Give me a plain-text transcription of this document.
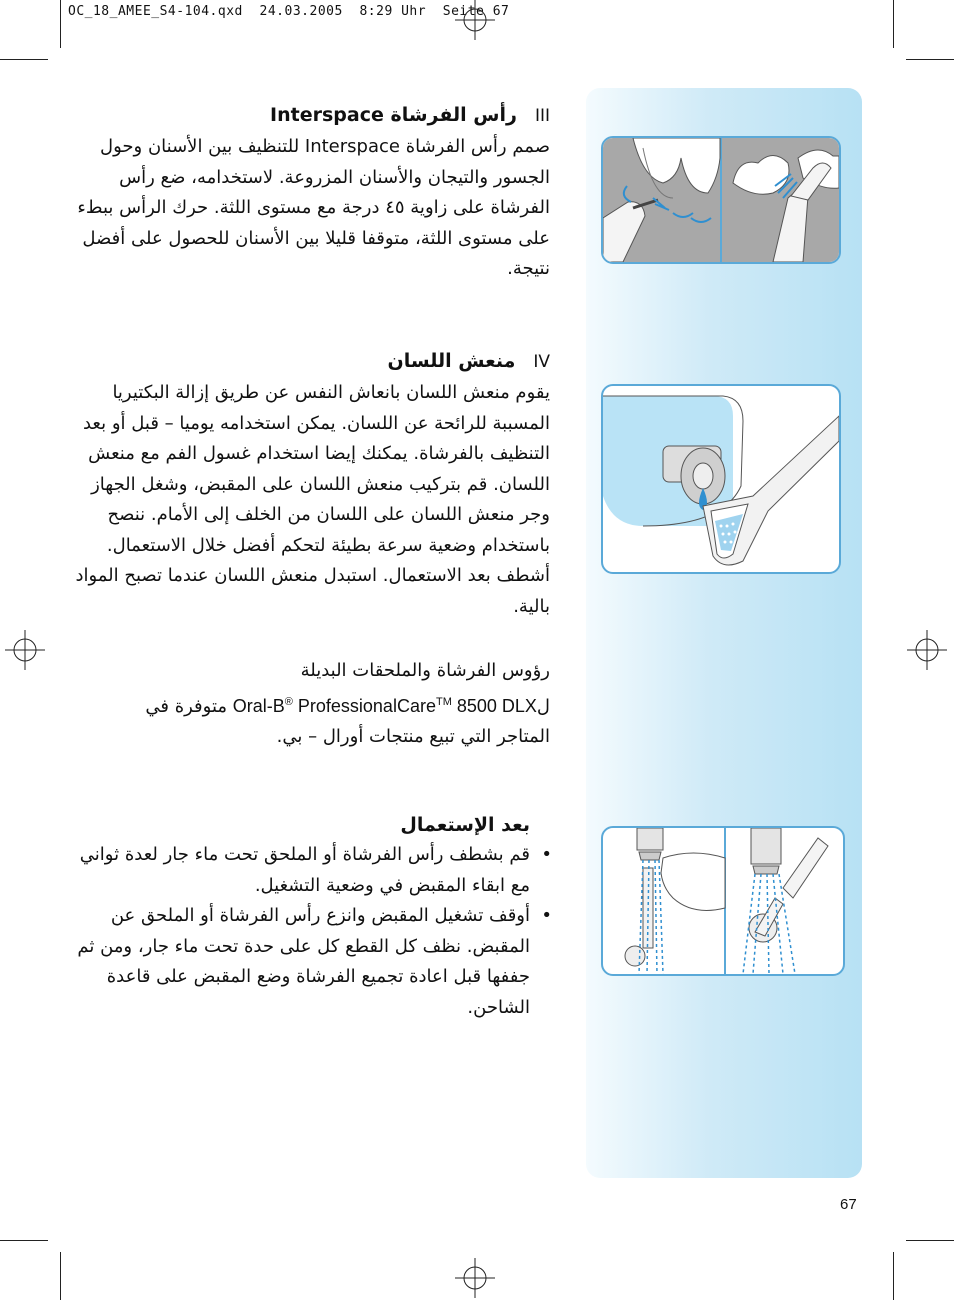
OC_18_AMEE_S4-104.qxd 24.03.2005 8:29 Uhr Seite 67
III
رأس الفرشاة Interspace

صمم رأس الفرشاة Interspace للتنظيف بين الأسنان وحول الجسور والتيجان والأسنان المزروعة. لاستخدامه، ضع رأس الفرشاة على زاوية ٤٥ درجة مع مستوى اللثة. حرك الرأس ببطء على مستوى اللثة، متوقفا قليلا بين الأسنان للحصول على أفضل نتيجة.

IV
منعش اللسان

يقوم منعش اللسان بانعاش النفس عن طريق إزالة البكتيريا المسببة للرائحة عن اللسان. يمكن استخدامه يوميا – قبل أو بعد التنظيف بالفرشاة. يمكنك إيضا استخدام غسول الفم مع منعش اللسان. قم بتركيب منعش اللسان على المقبض، وشغل الجهاز وجر منعش اللسان على اللسان من الخلف إلى الأمام. ننصح باستخدام وضعية سرعة بطيئة لتحكم أفضل خلال الاستعمال. أشطف بعد الاستعمال. استبدل منعش اللسان عندما تصبح المواد بالية.

رؤوس الفرشاة والملحقات البديلة

لOral-B® ProfessionalCare™ 8500 DLX متوفرة في

المتاجر التي تبيع منتجات أورال – بي.

بعد الإستعمال
•
قم بشطف رأس الفرشاة أو الملحق تحت ماء جار لعدة ثواني مع ابقاء المقبض في وضعية التشغيل.
•
أوقف تشغيل المقبض وانزع رأس الفرشاة أو الملحق عن المقبض. نظف كل القطع كل على حدة تحت ماء جار، ومن ثم جففها قبل اعادة تجميع الفرشاة وضع المقبض على قاعدة الشاحن.
67
